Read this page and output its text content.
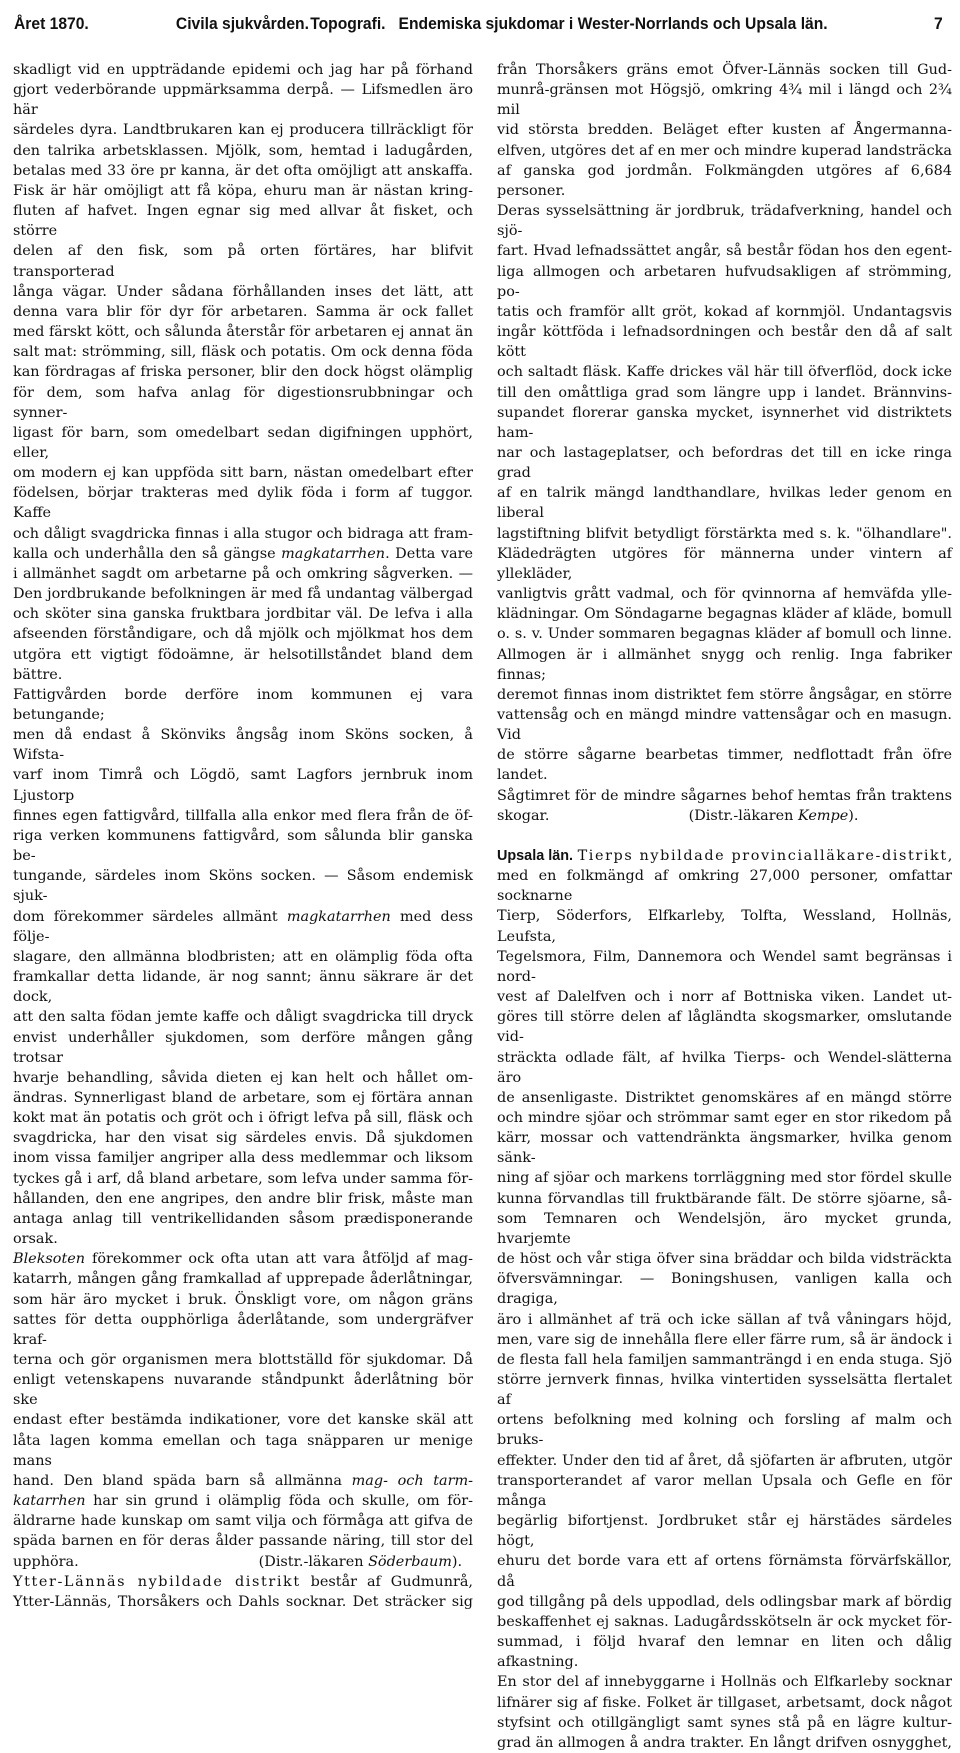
Året 1870.	Civila sjukvården. Topografi. Endemiska sjukdomar i Wester-Norrlands och Upsala län.	7

skadligt vid en uppträdande epidemi och jag har på förhand

gjort vederbörande uppmärksamma derpå. — Lifsmedlen äro här

särdeles dyra. Landtbrukaren kan ej producera tillräckligt för

den talrika arbetsklassen. Mjölk, som, hemtad i ladugården,

betalas med 33 öre pr kanna, är det ofta omöjligt att anskaffa.

Fisk är här omöjligt att få köpa, ehuru man är nästan kring-

fluten af hafvet. Ingen egnar sig med allvar åt fisket, och större

delen af den fisk, som på orten förtäres, har blifvit transporterad

långa vägar. Under sådana förhållanden inses det lätt, att

denna vara blir för dyr för arbetaren. Samma är ock fallet

med färskt kött, och sålunda återstår för arbetaren ej annat än

salt mat: strömming, sill, fläsk och potatis. Om ock denna föda

kan fördragas af friska personer, blir den dock högst olämplig

för dem, som hafva anlag för digestionsrubbningar och synner-

ligast för barn, som omedelbart sedan digifningen upphört, eller,

om modern ej kan uppföda sitt barn, nästan omedelbart efter

födelsen, börjar trakteras med dylik föda i form af tuggor. Kaffe

och dåligt svagdricka finnas i alla stugor och bidraga att fram-

kalla och underhålla den så gängse magkatarrhen. Detta vare

i allmänhet sagdt om arbetarne på och omkring sågverken. —

Den jordbrukande befolkningen är med få undantag välbergad

och sköter sina ganska fruktbara jordbitar väl. De lefva i alla

afseenden förståndigare, och då mjölk och mjölkmat hos dem

utgöra ett vigtigt födoämne, är helsotillståndet bland dem bättre.

Fattigvården borde derföre inom kommunen ej vara betungande;

men då endast å Skönviks ångsåg inom Sköns socken, å Wifsta-

varf inom Timrå och Lögdö, samt Lagfors jernbruk inom Ljustorp

finnes egen fattigvård, tillfalla alla enkor med flera från de öf-

riga verken kommunens fattigvård, som sålunda blir ganska be-

tungande, särdeles inom Sköns socken. — Såsom endemisk sjuk-

dom förekommer särdeles allmänt magkatarrhen med dess följe-

slagare, den allmänna blodbristen; att en olämplig föda ofta

framkallar detta lidande, är nog sannt; ännu säkrare är det dock,

att den salta födan jemte kaffe och dåligt svagdricka till dryck

envist underhåller sjukdomen, som derföre mången gång trotsar

hvarje behandling, såvida dieten ej kan helt och hållet om-

ändras. Synnerligast bland de arbetare, som ej förtära annan

kokt mat än potatis och gröt och i öfrigt lefva på sill, fläsk och

svagdricka, har den visat sig särdeles envis. Då sjukdomen

inom vissa familjer angriper alla dess medlemmar och liksom

tyckes gå i arf, då bland arbetare, som lefva under samma för-

hållanden, den ene angripes, den andre blir frisk, måste man

antaga anlag till ventrikellidanden såsom prædisponerande orsak.

Bleksoten förekommer ock ofta utan att vara åtföljd af mag-

katarrh, mången gång framkallad af upprepade åderlåtningar,

som här äro mycket i bruk. Önskligt vore, om någon gräns

sattes för detta oupphörliga åderlåtande, som undergräfver kraf-

terna och gör organismen mera blottställd för sjukdomar. Då

enligt vetenskapens nuvarande ståndpunkt åderlåtning bör ske

endast efter bestämda indikationer, vore det kanske skäl att

låta lagen komma emellan och taga snäpparen ur menige mans

hand. Den bland späda barn så allmänna mag- och tarm-

katarrhen har sin grund i olämplig föda och skulle, om för-

äldrarne hade kunskap om samt vilja och förmåga att gifva de

späda barnen en för deras ålder passande näring, till stor del

upphöra.	(Distr.-läkaren Söderbaum).

Ytter-Lännäs nybildade distrikt består af Gudmunrå,

Ytter-Lännäs, Thorsåkers och Dahls socknar. Det sträcker sig

från Thorsåkers gräns emot Öfver-Lännäs socken till Gud-

munrå-gränsen mot Högsjö, omkring 4¾ mil i längd och 2¾ mil

vid största bredden. Beläget efter kusten af Ångermanna-

elfven, utgöres det af en mer och mindre kuperad landsträcka

af ganska god jordmån. Folkmängden utgöres af 6,684 personer.

Deras sysselsättning är jordbruk, trädafverkning, handel och sjö-

fart. Hvad lefnadssättet angår, så består födan hos den egent-

liga allmogen och arbetaren hufvudsakligen af strömming, po-

tatis och framför allt gröt, kokad af kornmjöl. Undantagsvis

ingår köttföda i lefnadsordningen och består den då af salt kött

och saltadt fläsk. Kaffe drickes väl här till öfverflöd, dock icke

till den omåttliga grad som längre upp i landet. Brännvins-

supandet florerar ganska mycket, isynnerhet vid distriktets ham-

nar och lastageplatser, och befordras det till en icke ringa grad

af en talrik mängd landthandlare, hvilkas leder genom en liberal

lagstiftning blifvit betydligt förstärkta med s. k. "ölhandlare".

Klädedrägten utgöres för männerna under vintern af yllekläder,

vanligtvis grått vadmal, och för qvinnorna af hemväfda ylle-

klädningar. Om Söndagarne begagnas kläder af kläde, bomull

o. s. v. Under sommaren begagnas kläder af bomull och linne.

Allmogen är i allmänhet snygg och renlig. Inga fabriker finnas;

deremot finnas inom distriktet fem större ångsågar, en större

vattensåg och en mängd mindre vattensågar och en masugn. Vid

de större sågarne bearbetas timmer, nedflottadt från öfre landet.

Sågtimret för de mindre sågarnes behof hemtas från traktens

skogar.	(Distr.-läkaren Kempe).

Upsala län. Tierps nybildade provincialläkare-distrikt,

med en folkmängd af omkring 27,000 personer, omfattar socknarne

Tierp, Söderfors, Elfkarleby, Tolfta, Wessland, Hollnäs, Leufsta,

Tegelsmora, Film, Dannemora och Wendel samt begränsas i nord-

vest af Dalelfven och i norr af Bottniska viken. Landet ut-

göres till större delen af lågländta skogsmarker, omslutande vid-

sträckta odlade fält, af hvilka Tierps- och Wendel-slätterna äro

de ansenligaste. Distriktet genomskäres af en mängd större

och mindre sjöar och strömmar samt eger en stor rikedom på

kärr, mossar och vattendränkta ängsmarker, hvilka genom sänk-

ning af sjöar och markens torrläggning med stor fördel skulle

kunna förvandlas till fruktbärande fält. De större sjöarne, så-

som Temnaren och Wendelsjön, äro mycket grunda, hvarjemte

de höst och vår stiga öfver sina bräddar och bilda vidsträckta

öfversvämningar. — Boningshusen, vanligen kalla och dragiga,

äro i allmänhet af trä och icke sällan af två våningars höjd,

men, vare sig de innehålla flere eller färre rum, så är ändock i

de flesta fall hela familjen sammanträngd i en enda stuga. Sjö

större jernverk finnas, hvilka vintertiden sysselsätta flertalet af

ortens befolkning med kolning och forsling af malm och bruks-

effekter. Under den tid af året, då sjöfarten är afbruten, utgör

transporterandet af varor mellan Upsala och Gefle en för många

begärlig bifortjenst. Jordbruket står ej härstädes särdeles högt,

ehuru det borde vara ett af ortens förnämsta förvärfskällor, då

god tillgång på dels uppodlad, dels odlingsbar mark af bördig

beskaffenhet ej saknas. Ladugårdsskötseln är ock mycket för-

summad, i följd hvaraf den lemnar en liten och dålig afkastning.

En stor del af innebyggarne i Hollnäs och Elfkarleby socknar

lifnärer sig af fiske. Folket är tillgaset, arbetsamt, dock något

styfsint och otillgängligt samt synes stå på en lägre kultur-

grad än allmogen å andra trakter. En långt drifven osnygghet,
